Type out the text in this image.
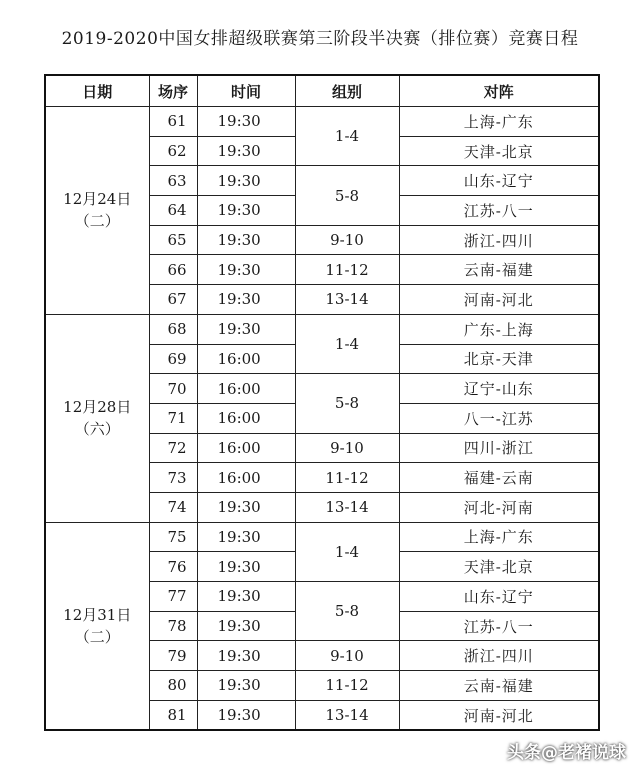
2019-2020中国女排超级联赛第三阶段半决赛（排位赛）竞赛日程
日期	场序	时间	组别	对阵

12月24日
（二）	61	19:30	1-4	上海-广东
	62	19:30		天津-北京
	63	19:30	5-8	山东-辽宁
	64	19:30		江苏-八一
	65	19:30	9-10	浙江-四川
	66	19:30	11-12	云南-福建
	67	19:30	13-14	河南-河北

12月28日
（六）	68	19:30	1-4	广东-上海
	69	16:00		北京-天津
	70	16:00	5-8	辽宁-山东
	71	16:00		八一-江苏
	72	16:00	9-10	四川-浙江
	73	16:00	11-12	福建-云南
	74	19:30	13-14	河北-河南

12月31日
（二）	75	19:30	1-4	上海-广东
	76	19:30		天津-北京
	77	19:30	5-8	山东-辽宁
	78	19:30		江苏-八一
	79	19:30	9-10	浙江-四川
	80	19:30	11-12	云南-福建
	81	19:30	13-14	河南-河北
头条@老褚说球
